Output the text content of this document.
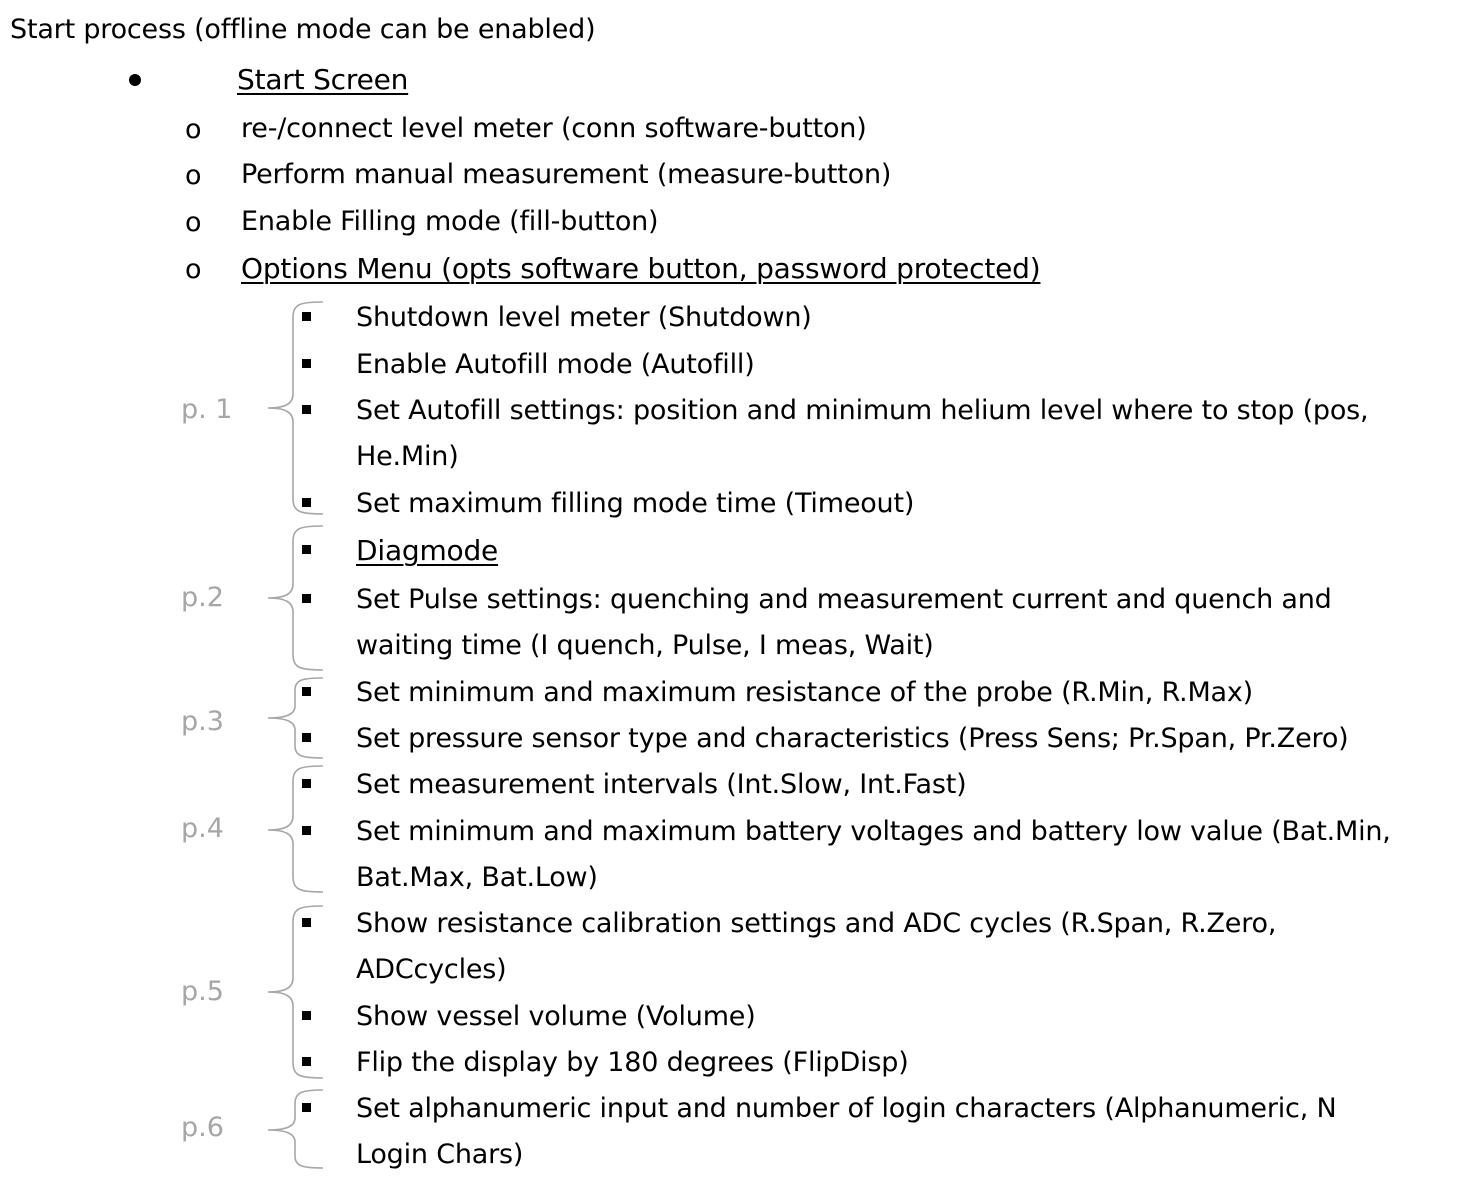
Start process (offline mode can be enabled)
Start Screen
o re-/connect level meter (conn software-button)
o Perform manual measurement (measure-button)
o Enable Filling mode (fill-button)
o Options Menu (opts software button, password protected)
p. 1
p.2
p.3
p.4
p.5
p.6
Shutdown level meter (Shutdown)
Enable Autofill mode (Autofill)
Set Autofill settings: position and minimum helium level where to stop (pos,
He.Min)
Set maximum filling mode time (Timeout)
Diagmode
Set Pulse settings: quenching and measurement current and quench and
waiting time (I quench, Pulse, I meas, Wait)
Set minimum and maximum resistance of the probe (R.Min, R.Max)
Set pressure sensor type and characteristics (Press Sens; Pr.Span, Pr.Zero)
Set measurement intervals (Int.Slow, Int.Fast)
Set minimum and maximum battery voltages and battery low value (Bat.Min,
Bat.Max, Bat.Low)
Show resistance calibration settings and ADC cycles (R.Span, R.Zero,
ADCcycles)
Show vessel volume (Volume)
Flip the display by 180 degrees (FlipDisp)
Set alphanumeric input and number of login characters (Alphanumeric, N
Login Chars)
